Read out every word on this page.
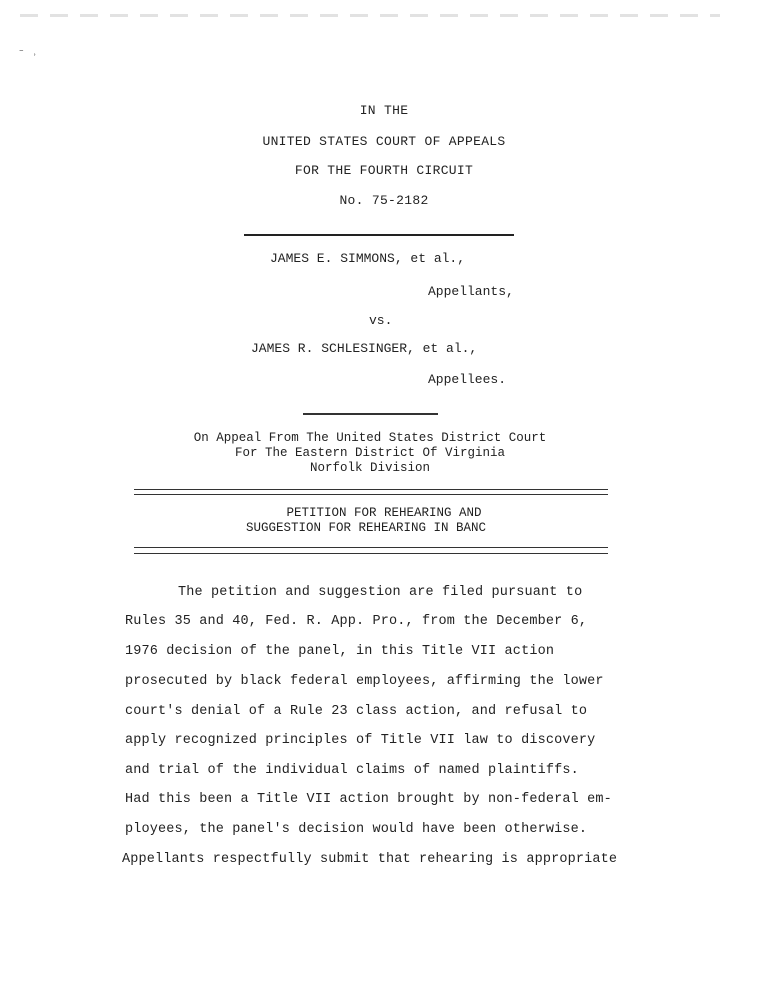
⁻ ˒
IN THE
UNITED STATES COURT OF APPEALS
FOR THE FOURTH CIRCUIT
No. 75-2182
JAMES E. SIMMONS, et al.,
Appellants,
vs.
JAMES R. SCHLESINGER, et al.,
Appellees.
On Appeal From The United States District Court
For The Eastern District Of Virginia
Norfolk Division
PETITION FOR REHEARING AND
SUGGESTION FOR REHEARING IN BANC
The petition and suggestion are filed pursuant to
Rules 35 and 40, Fed. R. App. Pro., from the December 6,
1976 decision of the panel, in this Title VII action
prosecuted by black federal employees, affirming the lower
court's denial of a Rule 23 class action, and refusal to
apply recognized principles of Title VII law to discovery
and trial of the individual claims of named plaintiffs.
Had this been a Title VII action brought by non-federal em-
ployees, the panel's decision would have been otherwise.
Appellants respectfully submit that rehearing is appropriate
